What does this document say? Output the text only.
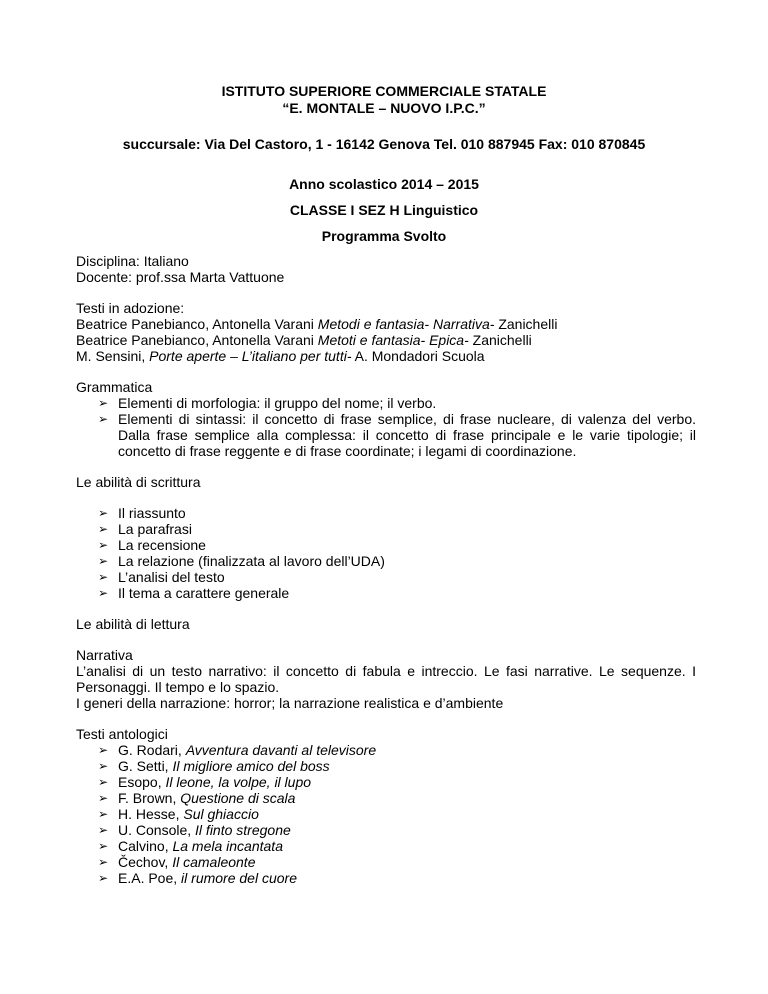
ISTITUTO SUPERIORE COMMERCIALE STATALE
“E. MONTALE – NUOVO I.P.C.”
succursale: Via Del Castoro, 1 - 16142 Genova Tel. 010 887945 Fax: 010 870845
Anno scolastico 2014 – 2015
CLASSE I SEZ H Linguistico
Programma Svolto
Disciplina: Italiano
Docente: prof.ssa Marta Vattuone
Testi in adozione:
Beatrice Panebianco, Antonella Varani Metodi e fantasia- Narrativa- Zanichelli
Beatrice Panebianco, Antonella Varani Metoti e fantasia- Epica- Zanichelli
M. Sensini, Porte aperte – L’italiano per tutti- A. Mondadori Scuola
Grammatica
➢ Elementi di morfologia: il gruppo del nome; il verbo.
➢ Elementi di sintassi: il concetto di frase semplice, di frase nucleare, di valenza del verbo. Dalla frase semplice alla complessa: il concetto di frase principale e le varie tipologie; il concetto di frase reggente e di frase coordinate; i legami di coordinazione.
Le abilità di scrittura
➢ Il riassunto
➢ La parafrasi
➢ La recensione
➢ La relazione (finalizzata al lavoro dell’UDA)
➢ L’analisi del testo
➢ Il tema a carattere generale
Le abilità di lettura
Narrativa
L’analisi di un testo narrativo: il concetto di fabula e intreccio. Le fasi narrative. Le sequenze. I Personaggi. Il tempo e lo spazio.
I generi della narrazione: horror; la narrazione realistica e d’ambiente
Testi antologici
➢ G. Rodari, Avventura davanti al televisore
➢ G. Setti, Il migliore amico del boss
➢ Esopo, Il leone, la volpe, il lupo
➢ F. Brown, Questione di scala
➢ H. Hesse, Sul ghiaccio
➢ U. Console, Il finto stregone
➢ Calvino, La mela incantata
➢ Čechov, Il camaleonte
➢ E.A. Poe, il rumore del cuore
